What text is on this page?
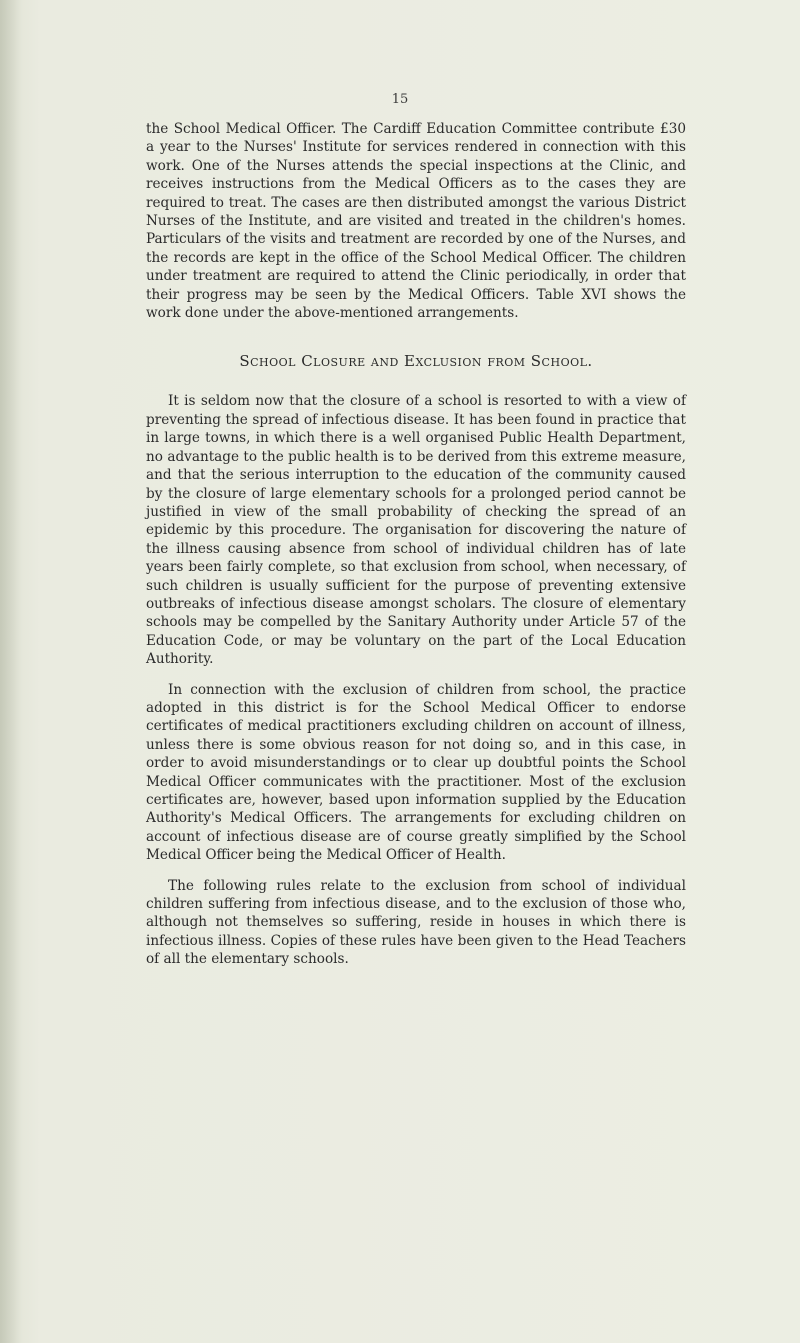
15

the School Medical Officer. The Cardiff Education Committee contribute £30 a year to the Nurses' Institute for services rendered in connection with this work. One of the Nurses attends the special inspections at the Clinic, and receives instructions from the Medical Officers as to the cases they are required to treat. The cases are then distributed amongst the various District Nurses of the Institute, and are visited and treated in the children's homes. Particulars of the visits and treatment are recorded by one of the Nurses, and the records are kept in the office of the School Medical Officer. The children under treatment are required to attend the Clinic periodically, in order that their progress may be seen by the Medical Officers. Table XVI shows the work done under the above-mentioned arrangements.

School Closure and Exclusion from School.

It is seldom now that the closure of a school is resorted to with a view of preventing the spread of infectious disease. It has been found in practice that in large towns, in which there is a well organised Public Health Department, no advantage to the public health is to be derived from this extreme measure, and that the serious interruption to the education of the community caused by the closure of large elementary schools for a prolonged period cannot be justified in view of the small probability of checking the spread of an epidemic by this procedure. The organisation for discovering the nature of the illness causing absence from school of individual children has of late years been fairly complete, so that exclusion from school, when necessary, of such children is usually sufficient for the purpose of preventing extensive outbreaks of infectious disease amongst scholars. The closure of elementary schools may be compelled by the Sanitary Authority under Article 57 of the Education Code, or may be voluntary on the part of the Local Education Authority.

In connection with the exclusion of children from school, the practice adopted in this district is for the School Medical Officer to endorse certificates of medical practitioners excluding children on account of illness, unless there is some obvious reason for not doing so, and in this case, in order to avoid misunderstandings or to clear up doubtful points the School Medical Officer communicates with the practitioner. Most of the exclusion certificates are, however, based upon information supplied by the Education Authority's Medical Officers. The arrangements for excluding children on account of infectious disease are of course greatly simplified by the School Medical Officer being the Medical Officer of Health.

The following rules relate to the exclusion from school of individual children suffering from infectious disease, and to the exclusion of those who, although not themselves so suffering, reside in houses in which there is infectious illness. Copies of these rules have been given to the Head Teachers of all the elementary schools.
